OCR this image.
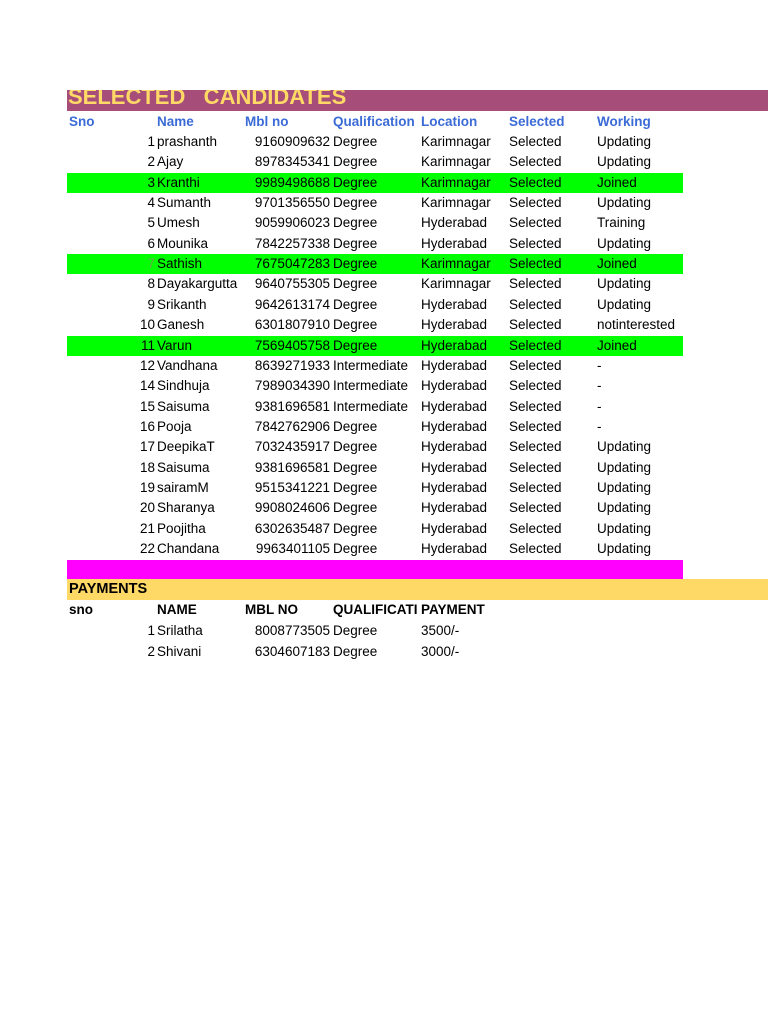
SELECTED   CANDIDATES
Sno	Name	Mbl no	Qualification Location Selected Working
1 prashanth	9160909632 Degree	Karimnagar Selected	Updating
2 Ajay	8978345341 Degree	Karimnagar Selected	Updating
3 Kranthi	9989498688 Degree	Karimnagar Selected	Joined
4 Sumanth	9701356550 Degree	Karimnagar Selected	Updating
5 Umesh	9059906023 Degree	Hyderabad Selected	Training
6 Mounika	7842257338 Degree	Hyderabad Selected	Updating
7 Sathish	7675047283 Degree	Karimnagar Selected	Joined
8 Dayakargutta	9640755305 Degree	Karimnagar Selected	Updating
9 Srikanth	9642613174 Degree	Hyderabad Selected	Updating
10 Ganesh	6301807910 Degree	Hyderabad Selected	notinterested
11 Varun	7569405758 Degree	Hyderabad Selected	Joined
12 Vandhana	8639271933 Intermediate Hyderabad Selected	-
14 Sindhuja	7989034390 Intermediate Hyderabad Selected	-
15 Saisuma	9381696581 Intermediate Hyderabad Selected	-
16 Pooja	7842762906 Degree	Hyderabad Selected	-
17 DeepikaT	7032435917 Degree	Hyderabad Selected	Updating
18 Saisuma	9381696581 Degree	Hyderabad Selected	Updating
19 sairamM	9515341221 Degree	Hyderabad Selected	Updating
20 Sharanya	9908024606 Degree	Hyderabad Selected	Updating
21 Poojitha	6302635487 Degree	Hyderabad Selected	Updating
22 Chandana	9963401105 Degree	Hyderabad Selected	Updating
PAYMENTS
sno	NAME	MBL NO	QUALIFICATI PAYMENT
1 Srilatha	8008773505 Degree	3500/-
2 Shivani	6304607183 Degree	3000/-
